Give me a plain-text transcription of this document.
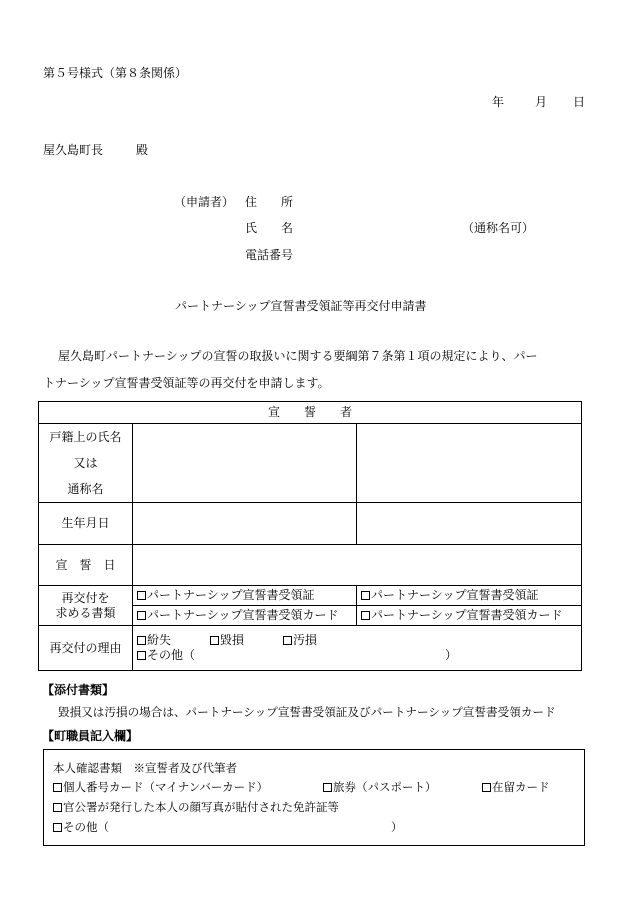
第５号様式（第８条関係）
年	月 日
屋久島町長	殿
（申請者） 住　　所
氏　　名	（通称名可）
電話番号
パートナーシップ宣誓書受領証等再交付申請書
屋久島町パートナーシップの宣誓の取扱いに関する要綱第７条第１項の規定により、パー
トナーシップ宣誓書受領証等の再交付を申請します。
宣　　誓　　者		

戸籍上の氏名
又は
通称名		

生年月日		
宣　誓　日		

再交付を
求める書類	パートナーシップ宣誓書受領証	パートナーシップ宣誓書受領証

	パートナーシップ宣誓書受領カード	パートナーシップ宣誓書受領カード

再交付の理由	紛失 毀損 汚損
その他（ ）	
【添付書類】
毀損又は汚損の場合は、パートナーシップ宣誓書受領証及びパートナーシップ宣誓書受領カード
【町職員記入欄】
本人確認書類　※宣誓者及び代筆者
個人番号カード（マイナンバーカード）	旅券（パスポート）	在留カード
官公署が発行した本人の顔写真が貼付された免許証等
その他（	）
